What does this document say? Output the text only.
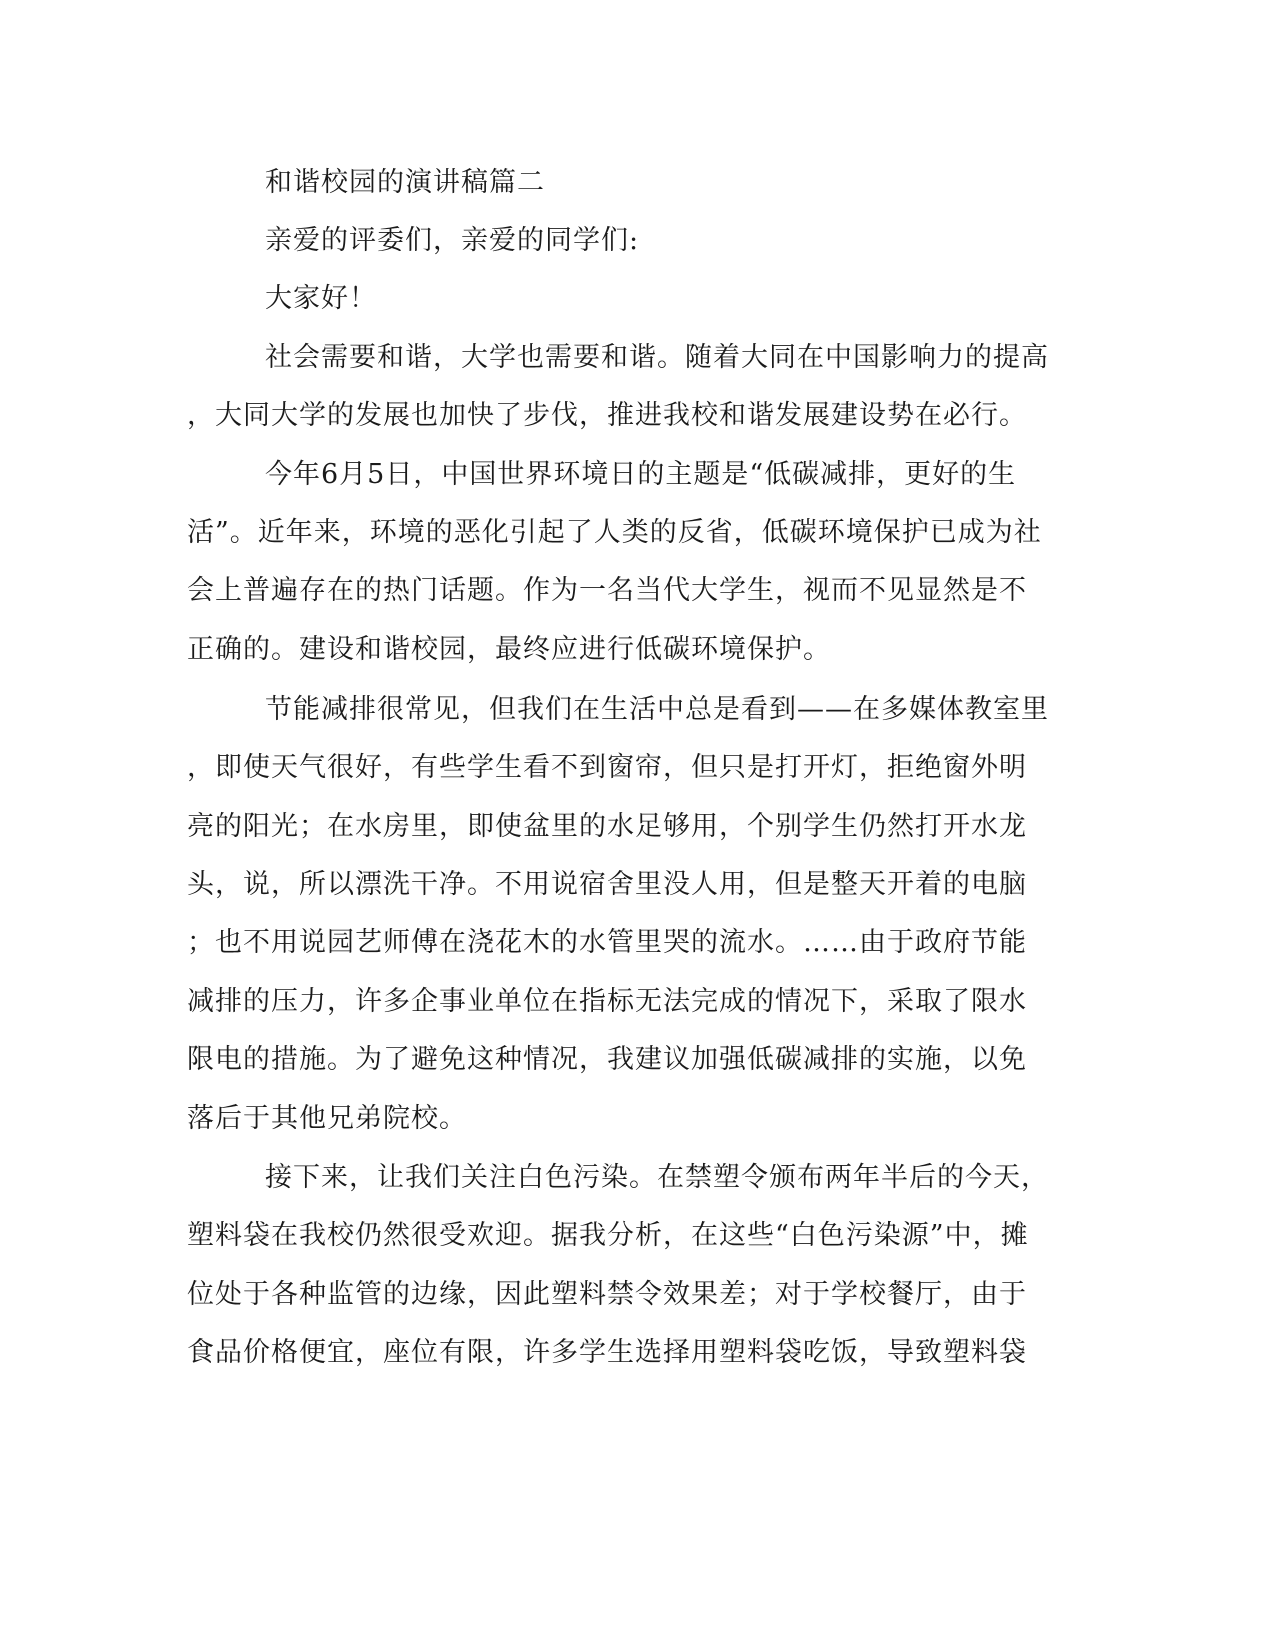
和谐校园的演讲稿篇二
亲爱的评委们，亲爱的同学们:
大家好！
社会需要和谐，大学也需要和谐。随着大同在中国影响力的提高
，大同大学的发展也加快了步伐，推进我校和谐发展建设势在必行。
今年6月5日，中国世界环境日的主题是“低碳减排，更好的生
活”。近年来，环境的恶化引起了人类的反省，低碳环境保护已成为社
会上普遍存在的热门话题。作为一名当代大学生，视而不见显然是不
正确的。建设和谐校园，最终应进行低碳环境保护。
节能减排很常见，但我们在生活中总是看到——在多媒体教室里
，即使天气很好，有些学生看不到窗帘，但只是打开灯，拒绝窗外明
亮的阳光；在水房里，即使盆里的水足够用，个别学生仍然打开水龙
头，说，所以漂洗干净。不用说宿舍里没人用，但是整天开着的电脑
；也不用说园艺师傅在浇花木的水管里哭的流水。……由于政府节能
减排的压力，许多企事业单位在指标无法完成的情况下，采取了限水
限电的措施。为了避免这种情况，我建议加强低碳减排的实施，以免
落后于其他兄弟院校。
接下来，让我们关注白色污染。在禁塑令颁布两年半后的今天，
塑料袋在我校仍然很受欢迎。据我分析，在这些“白色污染源”中，摊
位处于各种监管的边缘，因此塑料禁令效果差；对于学校餐厅，由于
食品价格便宜，座位有限，许多学生选择用塑料袋吃饭，导致塑料袋
